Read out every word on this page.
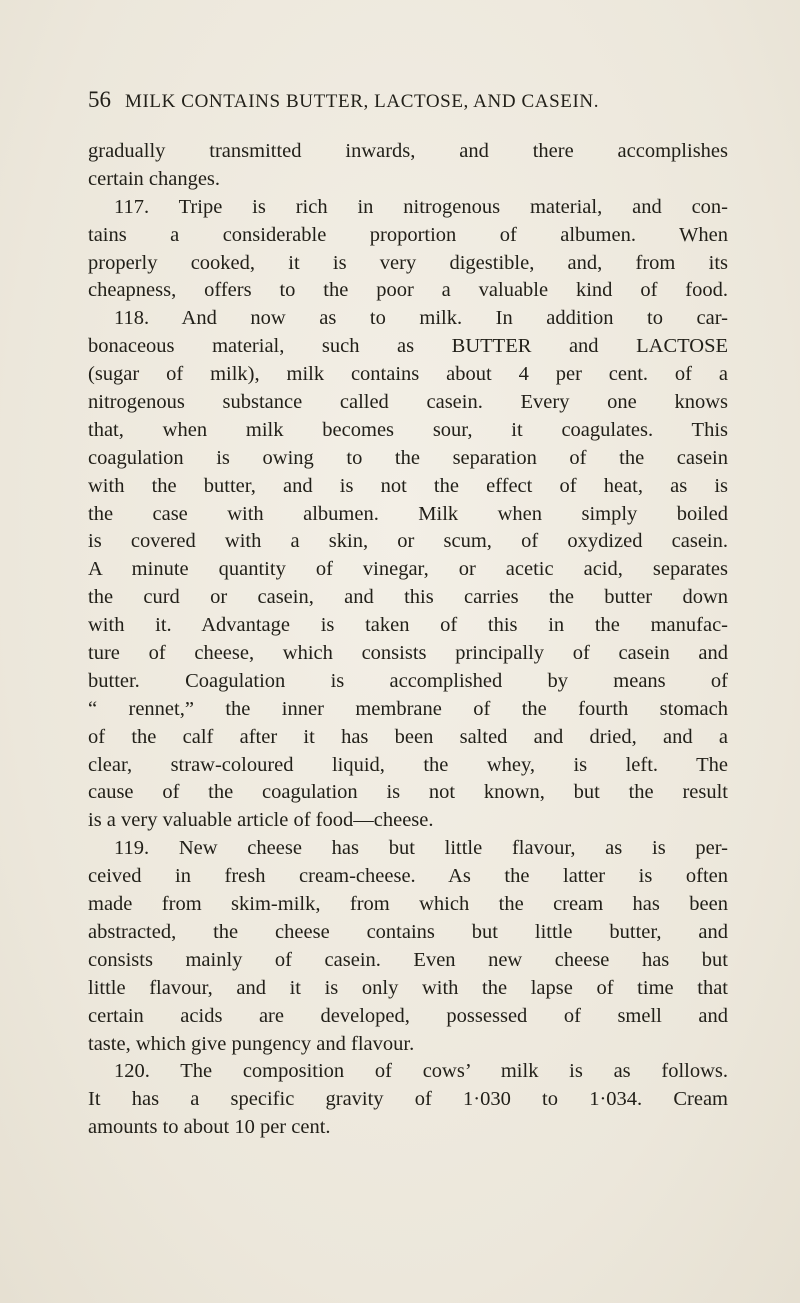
56 MILK CONTAINS BUTTER, LACTOSE, AND CASEIN.
gradually transmitted inwards, and there accomplishes
certain changes.
117. Tripe is rich in nitrogenous material, and con-
tains a considerable proportion of albumen. When
properly cooked, it is very digestible, and, from its
cheapness, offers to the poor a valuable kind of food.
118. And now as to milk. In addition to car-
bonaceous material, such as BUTTER and LACTOSE
(sugar of milk), milk contains about 4 per cent. of a
nitrogenous substance called casein. Every one knows
that, when milk becomes sour, it coagulates. This
coagulation is owing to the separation of the casein
with the butter, and is not the effect of heat, as is
the case with albumen. Milk when simply boiled
is covered with a skin, or scum, of oxydized casein.
A minute quantity of vinegar, or acetic acid, separates
the curd or casein, and this carries the butter down
with it. Advantage is taken of this in the manufac-
ture of cheese, which consists principally of casein and
butter. Coagulation is accomplished by means of
“ rennet,” the inner membrane of the fourth stomach
of the calf after it has been salted and dried, and a
clear, straw-coloured liquid, the whey, is left. The
cause of the coagulation is not known, but the result
is a very valuable article of food—cheese.
119. New cheese has but little flavour, as is per-
ceived in fresh cream-cheese. As the latter is often
made from skim-milk, from which the cream has been
abstracted, the cheese contains but little butter, and
consists mainly of casein. Even new cheese has but
little flavour, and it is only with the lapse of time that
certain acids are developed, possessed of smell and
taste, which give pungency and flavour.
120. The composition of cows’ milk is as follows.
It has a specific gravity of 1·030 to 1·034. Cream
amounts to about 10 per cent.
